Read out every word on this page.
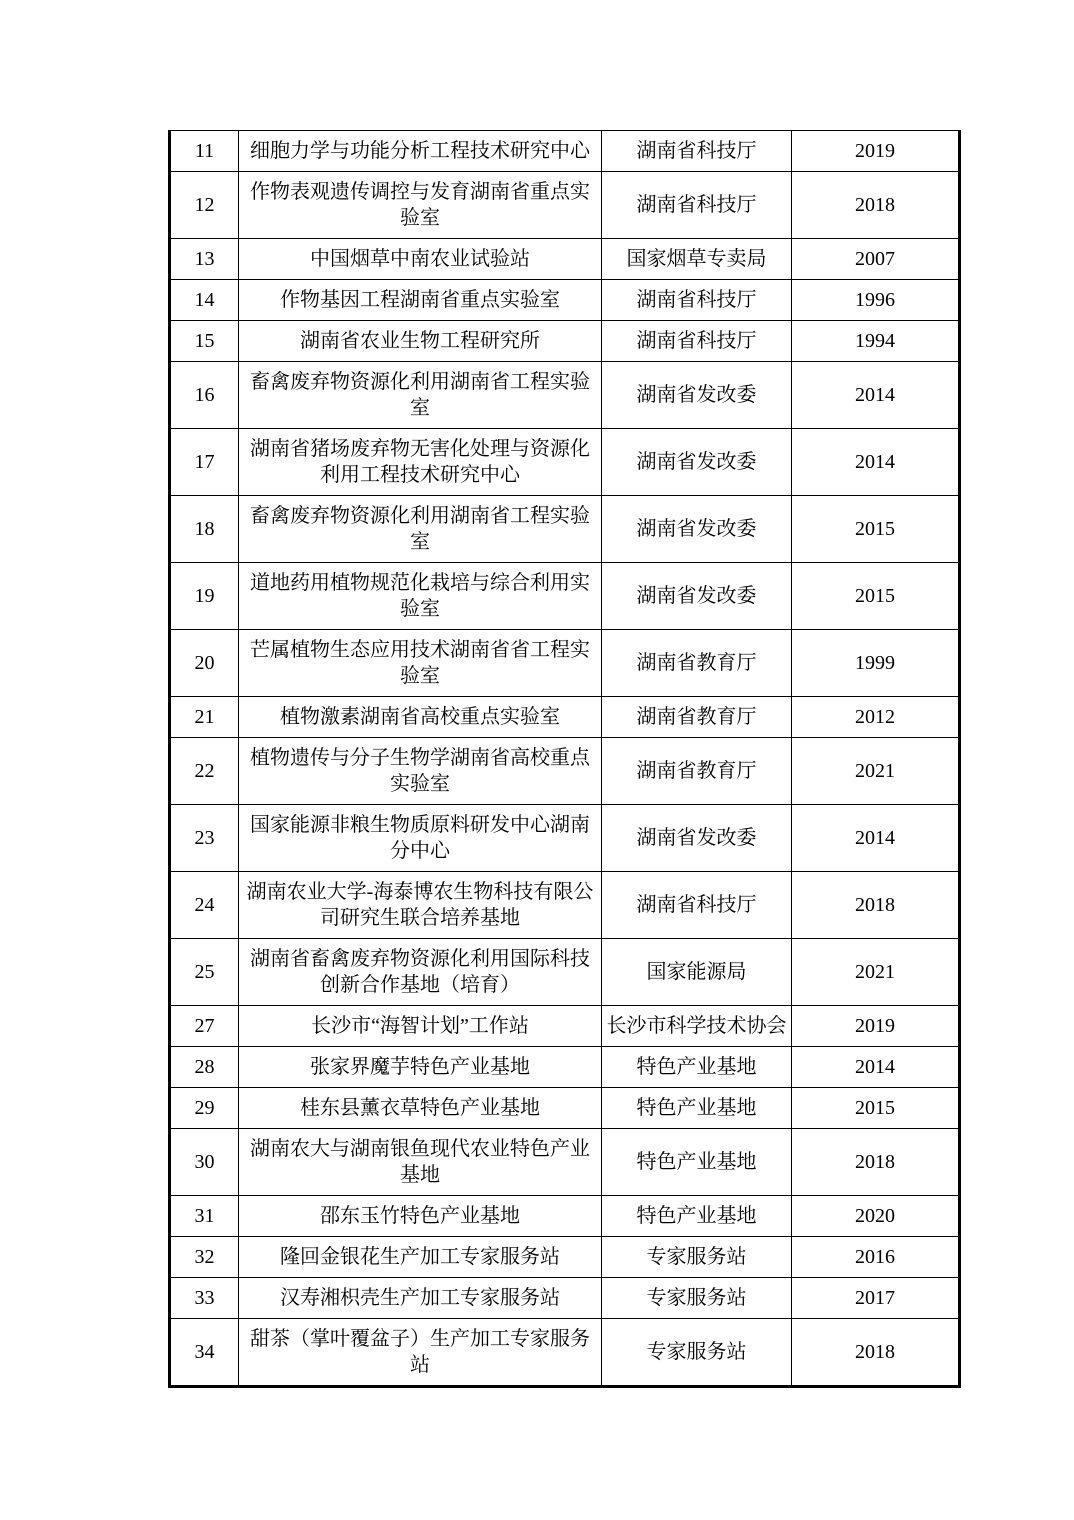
11	细胞力学与功能分析工程技术研究中心	湖南省科技厅	2019
12	作物表观遗传调控与发育湖南省重点实验室	湖南省科技厅	2018
13	中国烟草中南农业试验站	国家烟草专卖局	2007
14	作物基因工程湖南省重点实验室	湖南省科技厅	1996
15	湖南省农业生物工程研究所	湖南省科技厅	1994
16	畜禽废弃物资源化利用湖南省工程实验室	湖南省发改委	2014
17	湖南省猪场废弃物无害化处理与资源化利用工程技术研究中心	湖南省发改委	2014
18	畜禽废弃物资源化利用湖南省工程实验室	湖南省发改委	2015
19	道地药用植物规范化栽培与综合利用实验室	湖南省发改委	2015
20	芒属植物生态应用技术湖南省省工程实验室	湖南省教育厅	1999
21	植物激素湖南省高校重点实验室	湖南省教育厅	2012
22	植物遗传与分子生物学湖南省高校重点实验室	湖南省教育厅	2021
23	国家能源非粮生物质原料研发中心湖南分中心	湖南省发改委	2014
24	湖南农业大学-海泰博农生物科技有限公司研究生联合培养基地	湖南省科技厅	2018
25	湖南省畜禽废弃物资源化利用国际科技创新合作基地（培育）	国家能源局	2021
27	长沙市“海智计划”工作站	长沙市科学技术协会	2019
28	张家界魔芋特色产业基地	特色产业基地	2014
29	桂东县薰衣草特色产业基地	特色产业基地	2015
30	湖南农大与湖南银鱼现代农业特色产业基地	特色产业基地	2018
31	邵东玉竹特色产业基地	特色产业基地	2020
32	隆回金银花生产加工专家服务站	专家服务站	2016
33	汉寿湘枳壳生产加工专家服务站	专家服务站	2017
34	甜茶（掌叶覆盆子）生产加工专家服务站	专家服务站	2018
